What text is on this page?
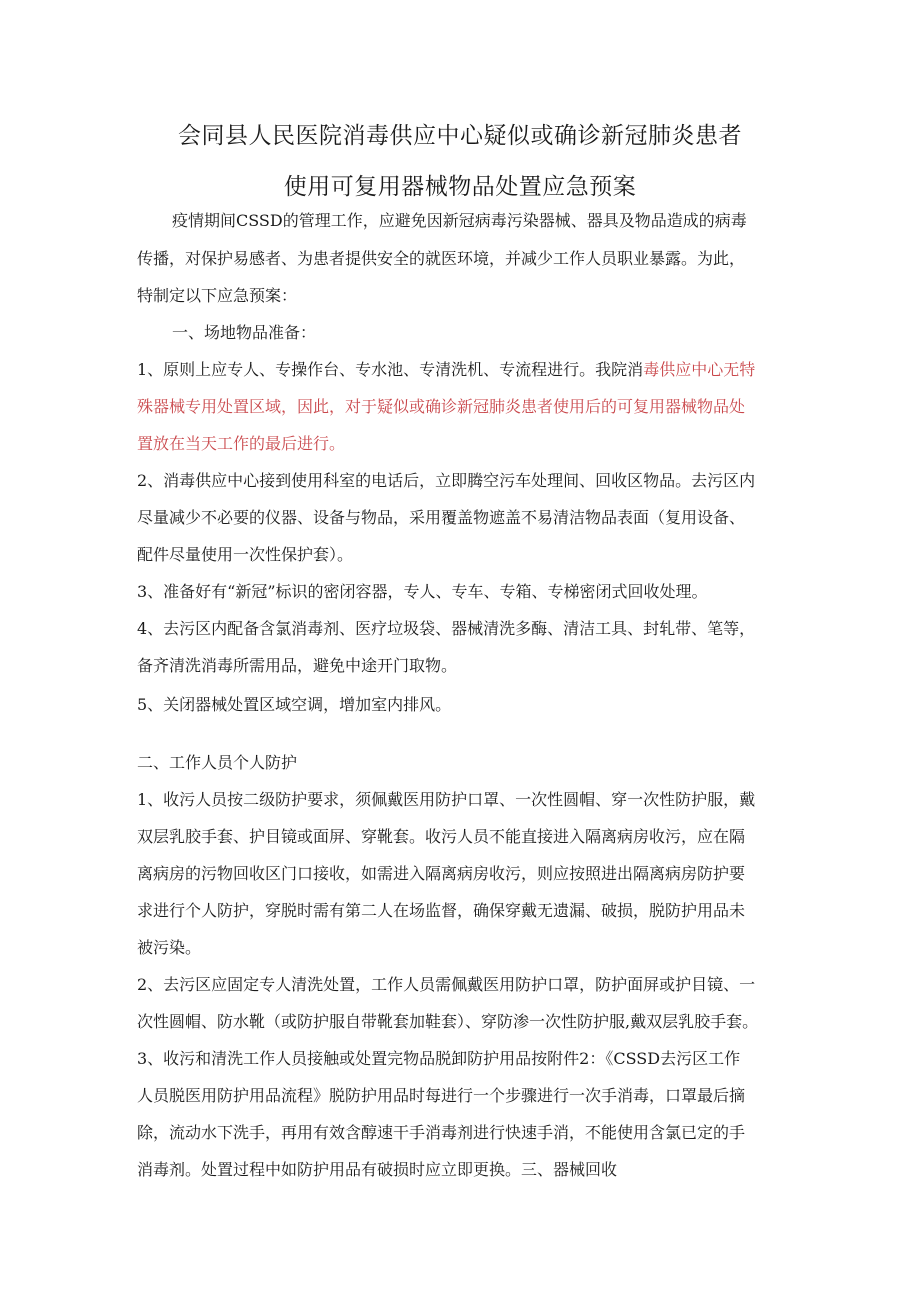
会同县人民医院消毒供应中心疑似或确诊新冠肺炎患者
使用可复用器械物品处置应急预案

疫情期间CSSD的管理工作，应避免因新冠病毒污染器械、器具及物品造成的病毒

传播，对保护易感者、为患者提供安全的就医环境，并减少工作人员职业暴露。为此，

特制定以下应急预案：

一、场地物品准备：

1、原则上应专人、专操作台、专水池、专清洗机、专流程进行。我院消毒供应中心无特

殊器械专用处置区域，因此，对于疑似或确诊新冠肺炎患者使用后的可复用器械物品处

置放在当天工作的最后进行。

2、消毒供应中心接到使用科室的电话后，立即腾空污车处理间、回收区物品。去污区内

尽量减少不必要的仪器、设备与物品，采用覆盖物遮盖不易清洁物品表面（复用设备、

配件尽量使用一次性保护套）。

3、准备好有“新冠”标识的密闭容器，专人、专车、专箱、专梯密闭式回收处理。

4、去污区内配备含氯消毒剂、医疗垃圾袋、器械清洗多酶、清洁工具、封轧带、笔等，

备齐清洗消毒所需用品，避免中途开门取物。

5、关闭器械处置区域空调，增加室内排风。

二、工作人员个人防护

1、收污人员按二级防护要求，须佩戴医用防护口罩、一次性圆帽、穿一次性防护服，戴

双层乳胶手套、护目镜或面屏、穿靴套。收污人员不能直接进入隔离病房收污，应在隔

离病房的污物回收区门口接收，如需进入隔离病房收污，则应按照进出隔离病房防护要

求进行个人防护，穿脱时需有第二人在场监督，确保穿戴无遗漏、破损，脱防护用品未

被污染。

2、去污区应固定专人清洗处置，工作人员需佩戴医用防护口罩，防护面屏或护目镜、一

次性圆帽、防水靴（或防护服自带靴套加鞋套）、穿防渗一次性防护服,戴双层乳胶手套。

3、收污和清洗工作人员接触或处置完物品脱卸防护用品按附件2：《CSSD去污区工作

人员脱医用防护用品流程》脱防护用品时每进行一个步骤进行一次手消毒，口罩最后摘

除，流动水下洗手，再用有效含醇速干手消毒剂进行快速手消，不能使用含氯已定的手

消毒剂。处置过程中如防护用品有破损时应立即更换。三、器械回收
